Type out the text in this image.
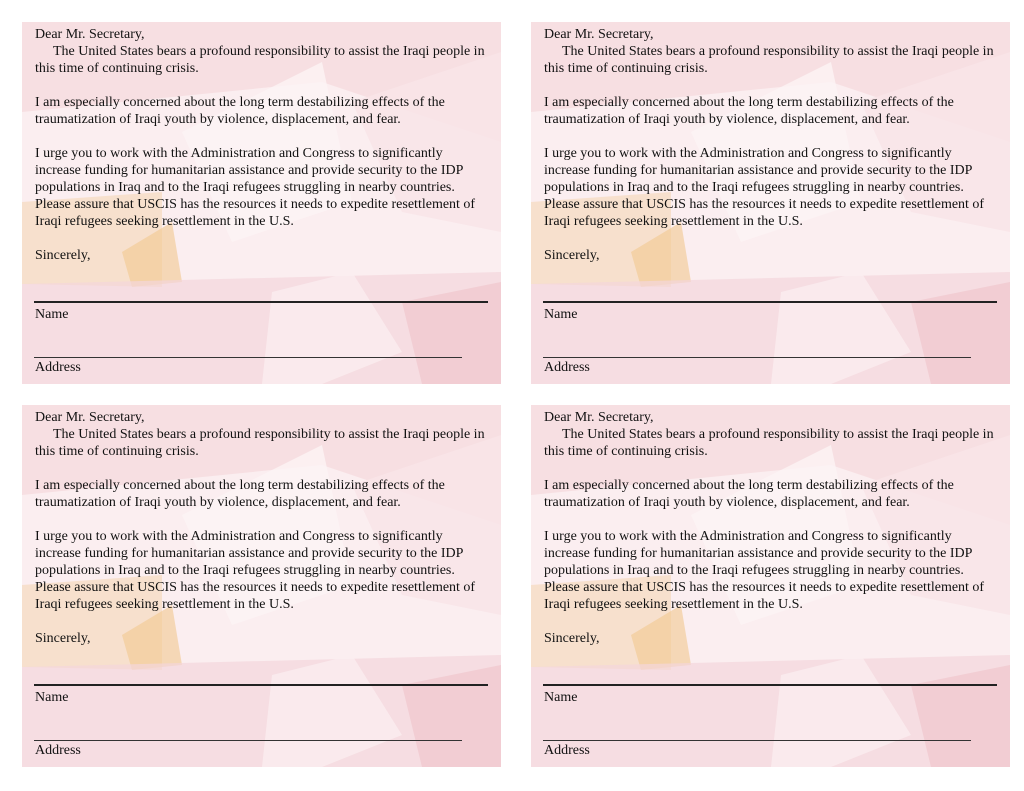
Dear Mr. Secretary,

The United States bears a profound responsibility to assist the Iraqi people in this time of continuing crisis.

I am especially concerned about the long term destabilizing effects of the traumatization of Iraqi youth by violence, displacement, and fear.

I urge you to work with the Administration and Congress to significantly increase funding for humanitarian assistance and provide security to the IDP populations in Iraq and to the Iraqi refugees struggling in nearby countries. Please assure that USCIS has the resources it needs to expedite resettlement of Iraqi refugees seeking resettlement in the U.S.

Sincerely,

Name
Address

Dear Mr. Secretary,

The United States bears a profound responsibility to assist the Iraqi people in this time of continuing crisis.

I am especially concerned about the long term destabilizing effects of the traumatization of Iraqi youth by violence, displacement, and fear.

I urge you to work with the Administration and Congress to significantly increase funding for humanitarian assistance and provide security to the IDP populations in Iraq and to the Iraqi refugees struggling in nearby countries. Please assure that USCIS has the resources it needs to expedite resettlement of Iraqi refugees seeking resettlement in the U.S.

Sincerely,

Name
Address

Dear Mr. Secretary,

The United States bears a profound responsibility to assist the Iraqi people in this time of continuing crisis.

I am especially concerned about the long term destabilizing effects of the traumatization of Iraqi youth by violence, displacement, and fear.

I urge you to work with the Administration and Congress to significantly increase funding for humanitarian assistance and provide security to the IDP populations in Iraq and to the Iraqi refugees struggling in nearby countries. Please assure that USCIS has the resources it needs to expedite resettlement of Iraqi refugees seeking resettlement in the U.S.

Sincerely,

Name
Address

Dear Mr. Secretary,

The United States bears a profound responsibility to assist the Iraqi people in this time of continuing crisis.

I am especially concerned about the long term destabilizing effects of the traumatization of Iraqi youth by violence, displacement, and fear.

I urge you to work with the Administration and Congress to significantly increase funding for humanitarian assistance and provide security to the IDP populations in Iraq and to the Iraqi refugees struggling in nearby countries. Please assure that USCIS has the resources it needs to expedite resettlement of Iraqi refugees seeking resettlement in the U.S.

Sincerely,

Name
Address
